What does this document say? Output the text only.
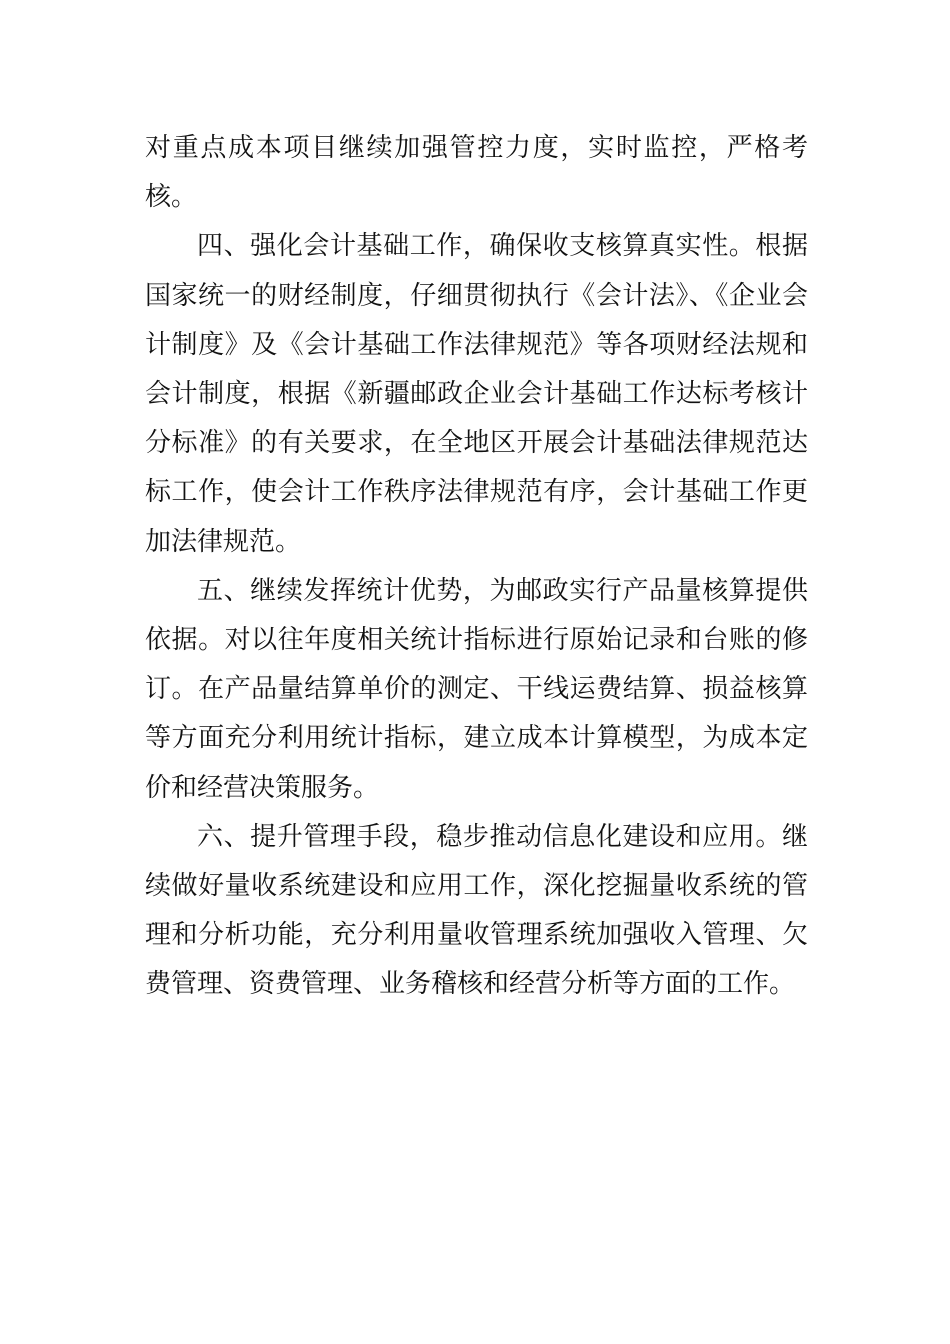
对重点成本项目继续加强管控力度，实时监控，严格考核。

四、强化会计基础工作，确保收支核算真实性。根据国家统一的财经制度，仔细贯彻执行《会计法》、《企业会计制度》及《会计基础工作法律规范》等各项财经法规和会计制度，根据《新疆邮政企业会计基础工作达标考核计分标准》的有关要求，在全地区开展会计基础法律规范达标工作，使会计工作秩序法律规范有序，会计基础工作更加法律规范。

五、继续发挥统计优势，为邮政实行产品量核算提供依据。对以往年度相关统计指标进行原始记录和台账的修订。在产品量结算单价的测定、干线运费结算、损益核算等方面充分利用统计指标，建立成本计算模型，为成本定价和经营决策服务。

六、提升管理手段，稳步推动信息化建设和应用。继续做好量收系统建设和应用工作，深化挖掘量收系统的管理和分析功能，充分利用量收管理系统加强收入管理、欠费管理、资费管理、业务稽核和经营分析等方面的工作。
